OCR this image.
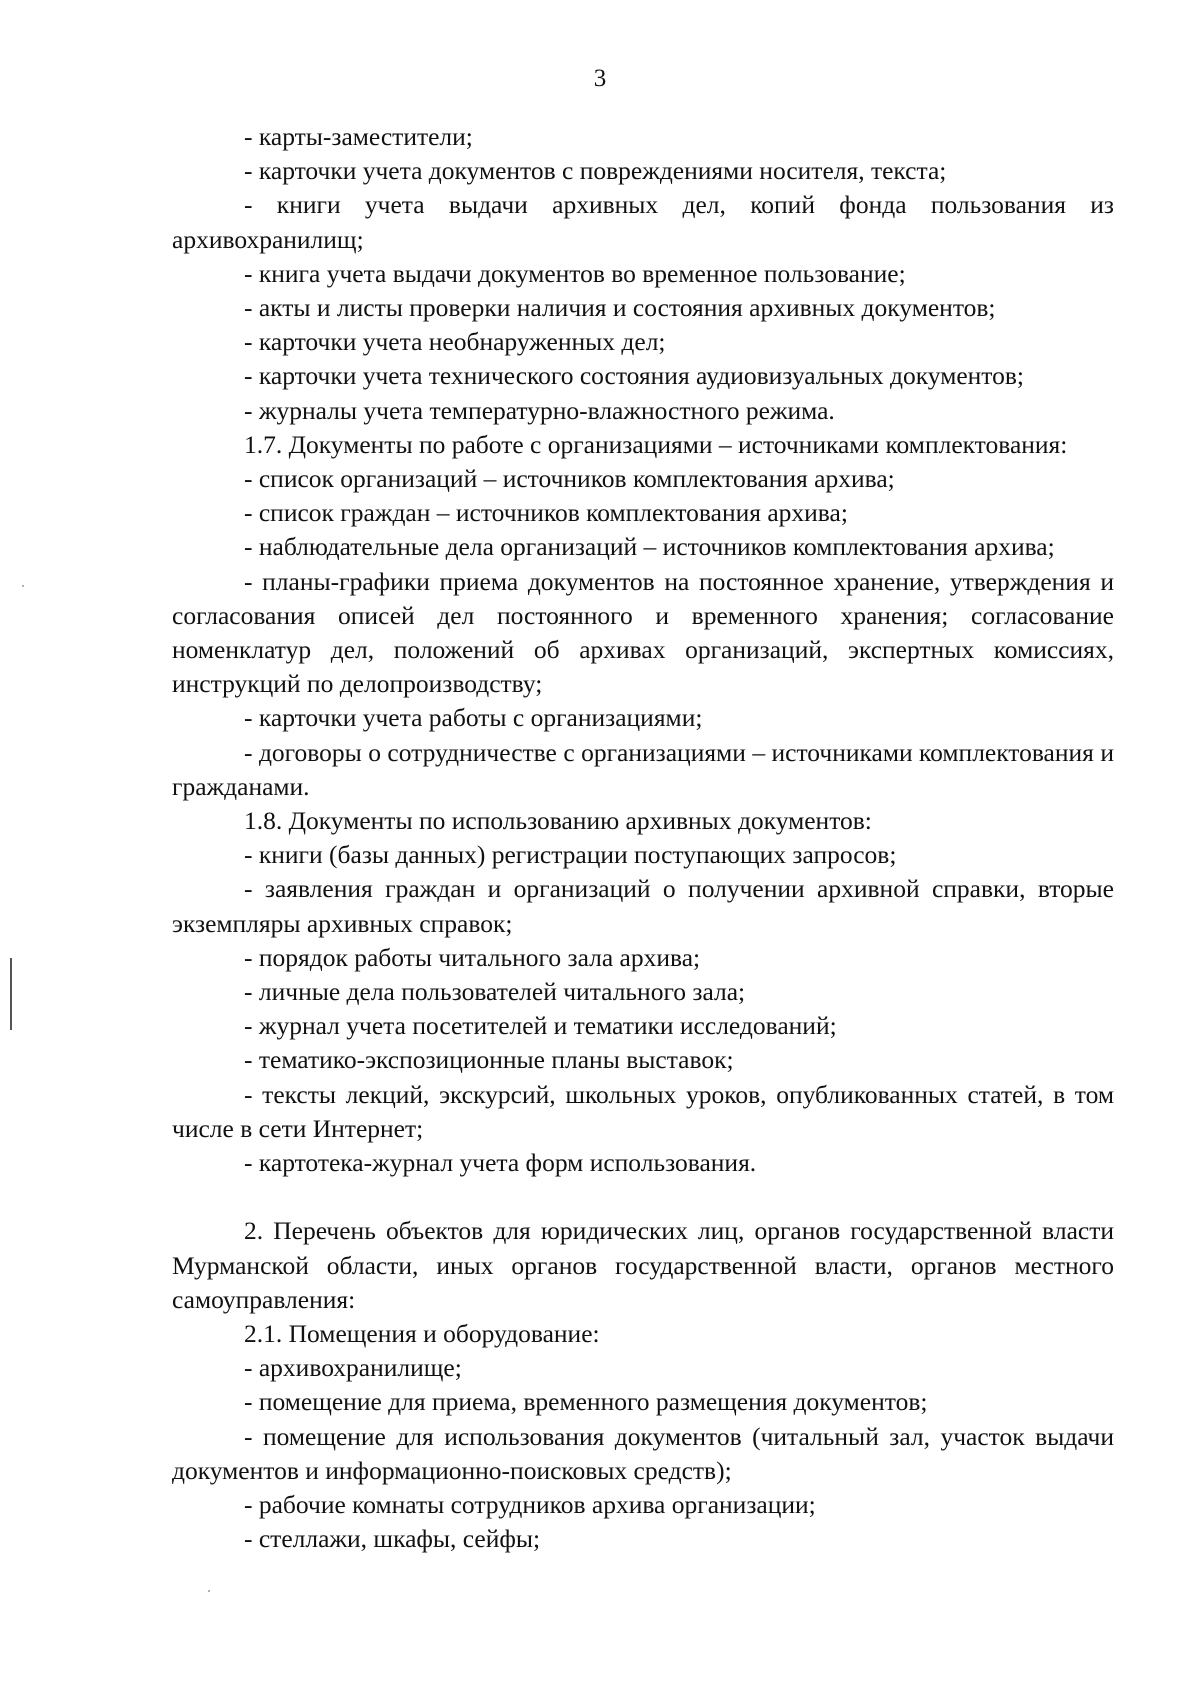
3

- карты-заместители;

- карточки учета документов с повреждениями носителя, текста;

- книги учета выдачи архивных дел, копий фонда пользования из архивохранилищ;

- книга учета выдачи документов во временное пользование;

- акты и листы проверки наличия и состояния архивных документов;

- карточки учета необнаруженных дел;

- карточки учета технического состояния аудиовизуальных документов;

- журналы учета температурно-влажностного режима.

1.7. Документы по работе с организациями – источниками комплектования:

- список организаций – источников комплектования архива;

- список граждан – источников комплектования архива;

- наблюдательные дела организаций – источников комплектования архива;

- планы-графики приема документов на постоянное хранение, утверждения и согласования описей дел постоянного и временного хранения; согласование номенклатур дел, положений об архивах организаций, экспертных комиссиях, инструкций по делопроизводству;

- карточки учета работы с организациями;

- договоры о сотрудничестве с организациями – источниками комплектования и гражданами.

1.8. Документы по использованию архивных документов:

- книги (базы данных) регистрации поступающих запросов;

- заявления граждан и организаций о получении архивной справки, вторые экземпляры архивных справок;

- порядок работы читального зала архива;

- личные дела пользователей читального зала;

- журнал учета посетителей и тематики исследований;

- тематико-экспозиционные планы выставок;

- тексты лекций, экскурсий, школьных уроков, опубликованных статей, в том числе в сети Интернет;

- картотека-журнал учета форм использования.

2. Перечень объектов для юридических лиц, органов государственной власти Мурманской области, иных органов государственной власти, органов местного самоуправления:

2.1. Помещения и оборудование:

- архивохранилище;

- помещение для приема, временного размещения документов;

- помещение для использования документов (читальный зал, участок выдачи документов и информационно-поисковых средств);

- рабочие комнаты сотрудников архива организации;

- стеллажи, шкафы, сейфы;
